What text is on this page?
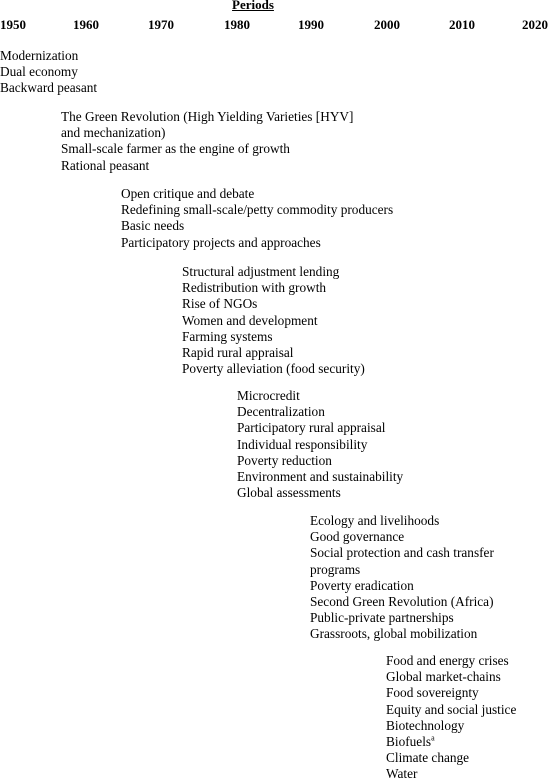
Periods
1950	1960	1970	1980	1990	2000	2010	2020
Modernization
Dual economy
Backward peasant
The Green Revolution (High Yielding Varieties [HYV]
and mechanization)
Small-scale farmer as the engine of growth
Rational peasant
Open critique and debate
Redefining small-scale/petty commodity producers
Basic needs
Participatory projects and approaches
Structural adjustment lending
Redistribution with growth
Rise of NGOs
Women and development
Farming systems
Rapid rural appraisal
Poverty alleviation (food security)
Microcredit
Decentralization
Participatory rural appraisal
Individual responsibility
Poverty reduction
Environment and sustainability
Global assessments
Ecology and livelihoods
Good governance
Social protection and cash transfer
programs
Poverty eradication
Second Green Revolution (Africa)
Public-private partnerships
Grassroots, global mobilization
Food and energy crises
Global market-chains
Food sovereignty
Equity and social justice
Biotechnology
Biofuels$^a$
Climate change
Water
